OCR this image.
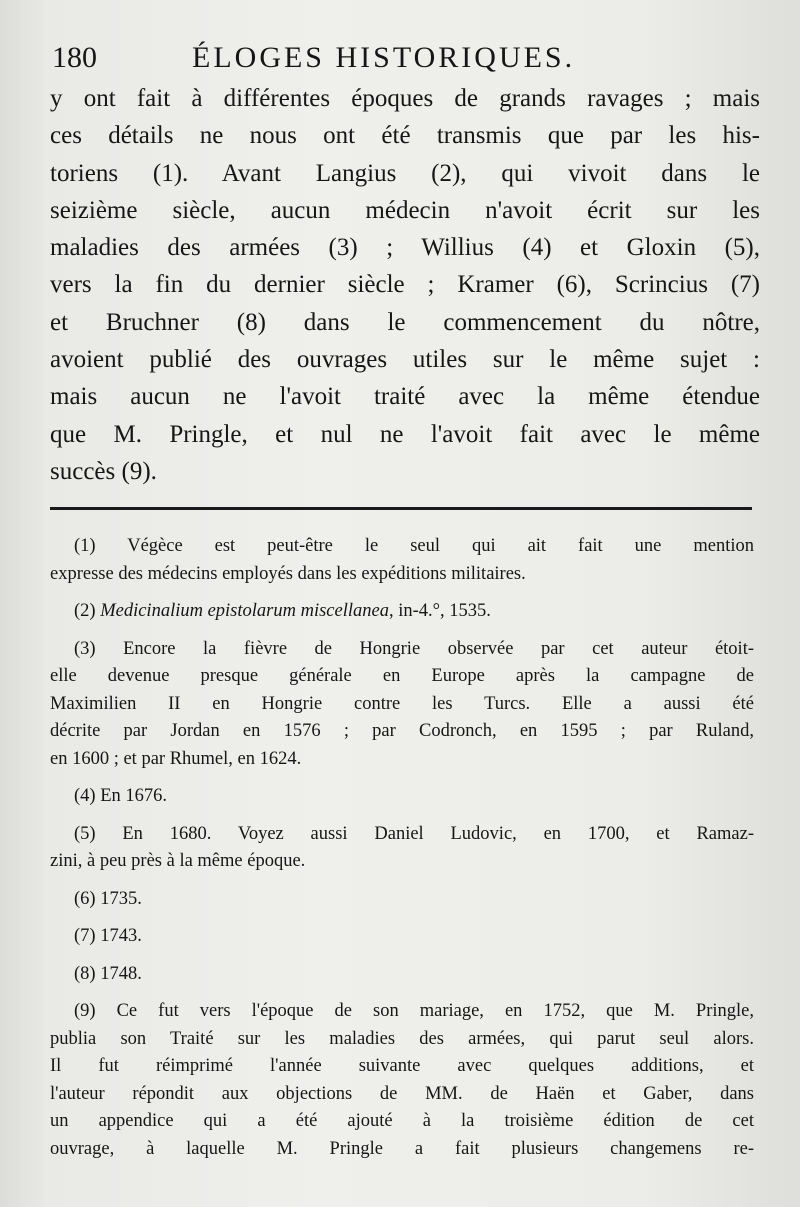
180	ÉLOGES HISTORIQUES.
y ont fait à différentes époques de grands ravages ; mais
ces détails ne nous ont été transmis que par les his-
toriens (1). Avant Langius (2), qui vivoit dans le
seizième siècle, aucun médecin n'avoit écrit sur les
maladies des armées (3) ; Willius (4) et Gloxin (5),
vers la fin du dernier siècle ; Kramer (6), Scrincius (7)
et Bruchner (8) dans le commencement du nôtre,
avoient publié des ouvrages utiles sur le même sujet :
mais aucun ne l'avoit traité avec la même étendue
que M. Pringle, et nul ne l'avoit fait avec le même
succès (9).
(1) Végèce est peut-être le seul qui ait fait une mention
expresse des médecins employés dans les expéditions militaires.
(2) Medicinalium epistolarum miscellanea, in-4.°, 1535.
(3) Encore la fièvre de Hongrie observée par cet auteur étoit-
elle devenue presque générale en Europe après la campagne de
Maximilien II en Hongrie contre les Turcs. Elle a aussi été
décrite par Jordan en 1576 ; par Codronch, en 1595 ; par Ruland,
en 1600 ; et par Rhumel, en 1624.
(4) En 1676.
(5) En 1680. Voyez aussi Daniel Ludovic, en 1700, et Ramaz-
zini, à peu près à la même époque.
(6) 1735.
(7) 1743.
(8) 1748.
(9) Ce fut vers l'époque de son mariage, en 1752, que M. Pringle,
publia son Traité sur les maladies des armées, qui parut seul alors.
Il fut réimprimé l'année suivante avec quelques additions, et
l'auteur répondit aux objections de MM. de Haën et Gaber, dans
un appendice qui a été ajouté à la troisième édition de cet
ouvrage, à laquelle M. Pringle a fait plusieurs changemens re-
